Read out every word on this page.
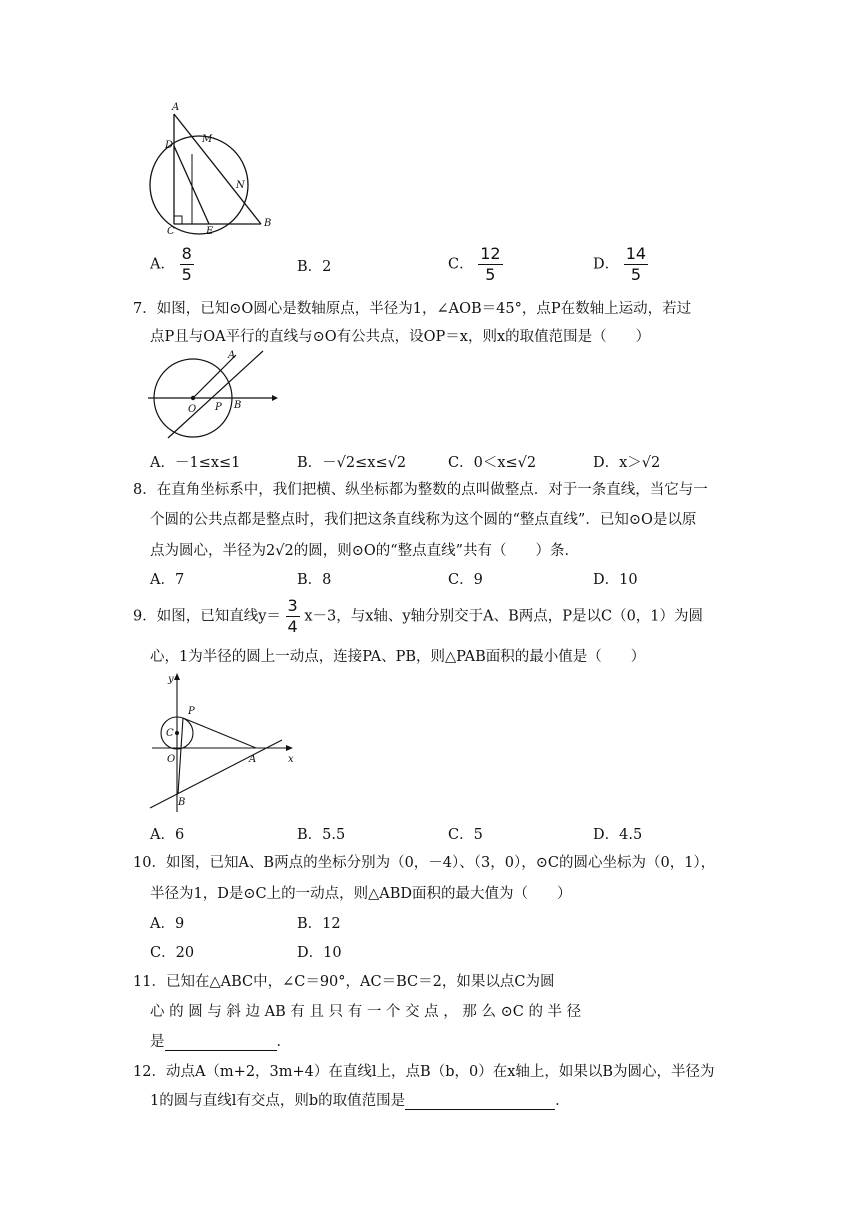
A
D
M
N
C	E
B
A． $\frac{8}{5}$	B．2	C． $\frac{12}{5}$	D． $\frac{14}{5}$
7．如图，已知⊙O圆心是数轴原点，半径为1，∠AOB＝45°，点P在数轴上运动，若过
点P且与OA平行的直线与⊙O有公共点，设OP＝x，则x的取值范围是（　　）
A
O P B
A．－1≤x≤1	B．－√2≤x≤√2	C．0＜x≤√2	D．x＞√2
8．在直角坐标系中，我们把横、纵坐标都为整数的点叫做整点．对于一条直线，当它与一
个圆的公共点都是整点时，我们把这条直线称为这个圆的“整点直线”．已知⊙O是以原
点为圆心，半径为2√2的圆，则⊙O的“整点直线”共有（　　）条．
A．7	B．8	C．9	D．10
9．如图，已知直线$y= \frac{3}{4} x-3$，与x轴、y轴分别交于A、B两点，P是以C（0，1）为圆
心，1为半径的圆上一动点，连接PA、PB，则△PAB面积的最小值是（　　）
y
P
C
O	A	x
B
A．6	B．5.5	C．5	D．4.5
10．如图，已知A、B两点的坐标分别为（0，－4）、（3，0），⊙C的圆心坐标为（0，1），
半径为1，D是⊙C上的一动点，则△ABD面积的最大值为（　　）
A．9	B．12
C．20	D．10
11．已知在△ABC中，∠C＝90°，AC＝BC＝2，如果以点C为圆
心 的 圆 与 斜 边 AB 有 且 只 有 一 个 交 点 ， 那 么 ⊙C 的 半 径
是	．
12．动点A（m+2，3m+4）在直线l上，点B（b，0）在x轴上，如果以B为圆心，半径为
1的圆与直线l有交点，则b的取值范围是	．
